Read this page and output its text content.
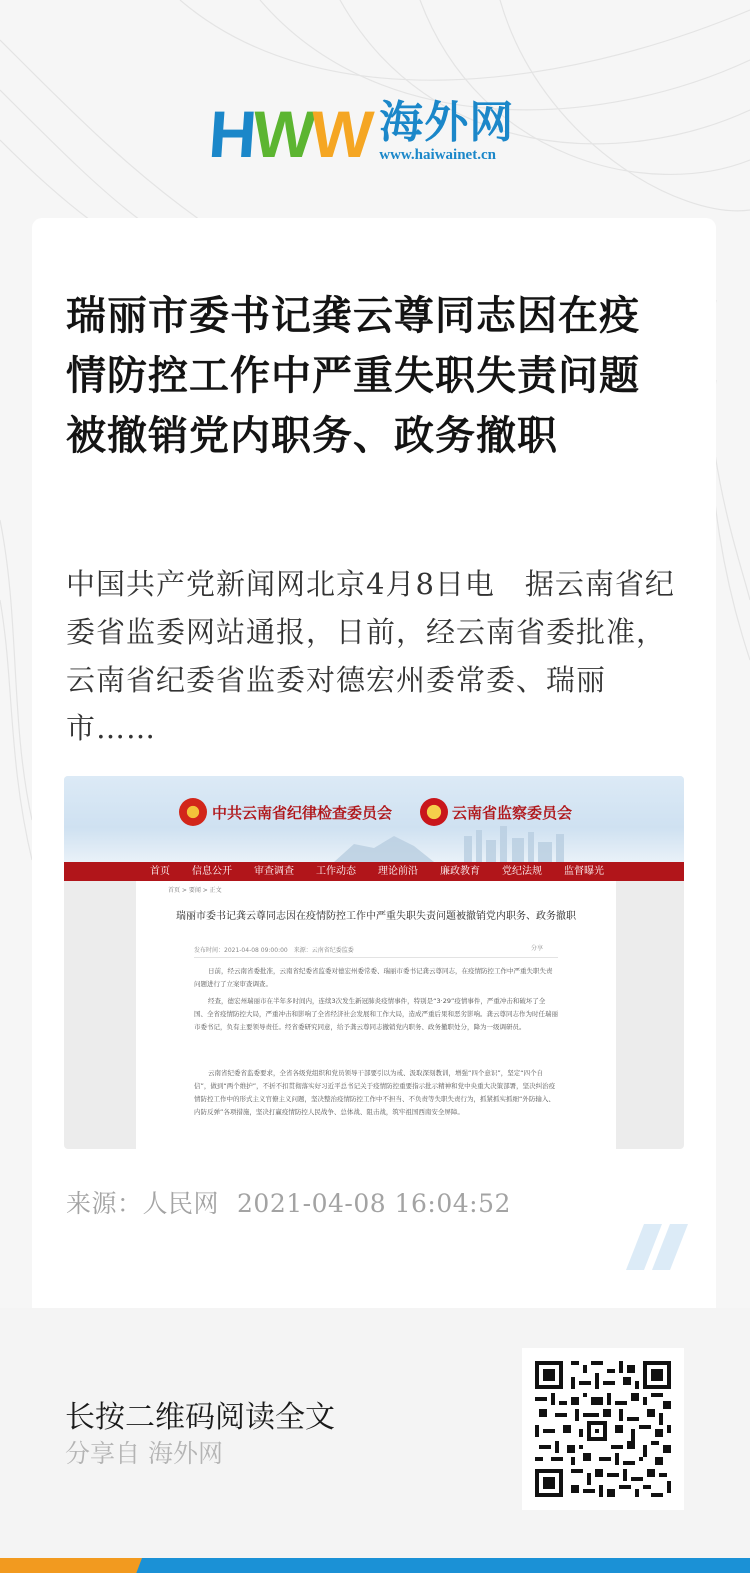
H
W
W 海外网
www.haiwainet.cn
瑞丽市委书记龚云尊同志因在疫情防控工作中严重失职失责问题被撤销党内职务、政务撤职

中国共产党新闻网北京4月8日电　据云南省纪委省监委网站通报，日前，经云南省委批准，云南省纪委省监委对德宏州委常委、瑞丽市……

中共云南省纪律检查委员会	云南省监察委员会
首页 信息公开 审查调查 工作动态 理论前沿 廉政教育 党纪法规 监督曝光
首页 > 要闻 > 正文
瑞丽市委书记龚云尊同志因在疫情防控工作中严重失职失责问题被撤销党内职务、政务撤职
发布时间：2021-04-08 09:00:00　来源：云南省纪委监委	分享

日前，经云南省委批准，云南省纪委省监委对德宏州委常委、瑞丽市委书记龚云尊同志，在疫情防控工作中严重失职失责问题进行了立案审查调查。

经查，德宏州瑞丽市在半年多时间内，连续3次发生新冠肺炎疫情事件，特别是“3·29”疫情事件，严重冲击和破坏了全国、全省疫情防控大局，严重冲击和影响了全省经济社会发展和工作大局，造成严重后果和恶劣影响。龚云尊同志作为时任瑞丽市委书记，负有主要领导责任。经省委研究同意，给予龚云尊同志撤销党内职务、政务撤职处分，降为一级调研员。

云南省纪委省监委要求，全省各级党组织和党员领导干部要引以为戒、汲取深刻教训，增强“四个意识”，坚定“四个自信”，做到“两个维护”，不折不扣贯彻落实好习近平总书记关于疫情防控重要指示批示精神和党中央重大决策部署，坚决纠治疫情防控工作中的形式主义官僚主义问题，坚决整治疫情防控工作中不担当、不负责等失职失责行为，抓紧抓实抓细“外防输入、内防反弹”各项措施，坚决打赢疫情防控人民战争、总体战、阻击战，筑牢祖国西南安全屏障。

来源：人民网 2021-04-08 16:04:52

长按二维码阅读全文

分享自 海外网
